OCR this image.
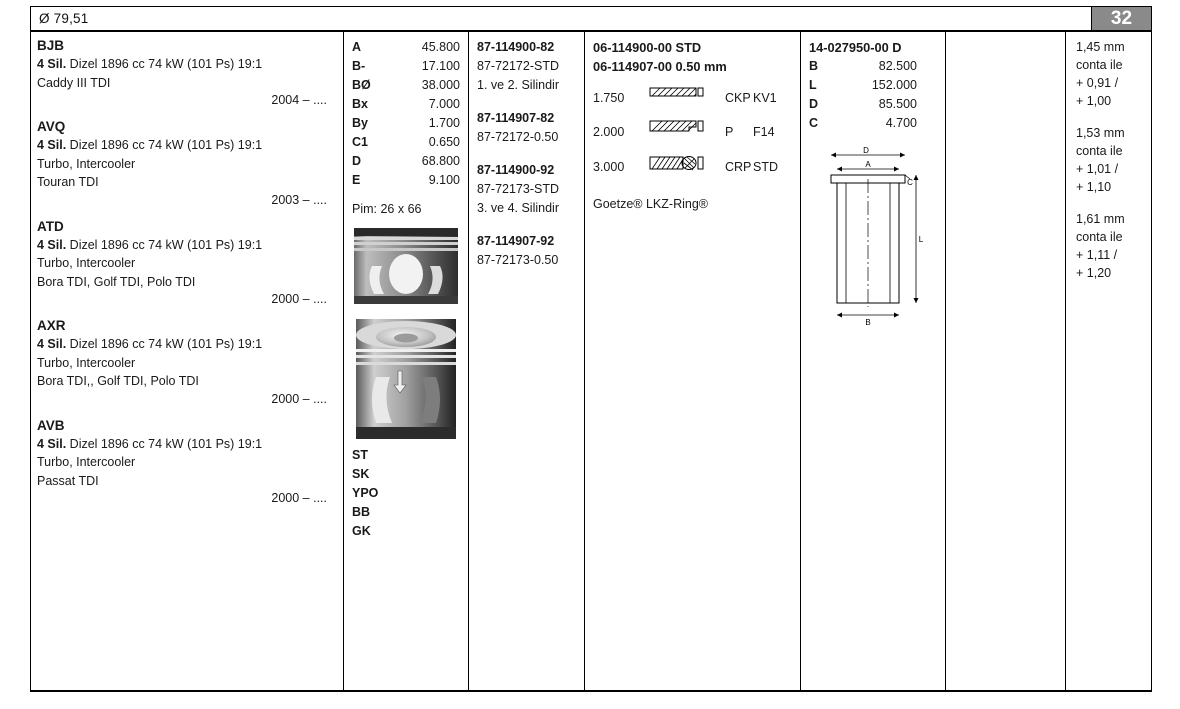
Ø 79,51	32
BJB
4 Sil. Dizel 1896 cc 74 kW (101 Ps) 19:1
Caddy III TDI
2004 – ....
AVQ
4 Sil. Dizel 1896 cc 74 kW (101 Ps) 19:1
Turbo, Intercooler
Touran TDI
2003 – ....
ATD
4 Sil. Dizel 1896 cc 74 kW (101 Ps) 19:1
Turbo, Intercooler
Bora TDI, Golf TDI, Polo TDI
2000 – ....
AXR
4 Sil. Dizel 1896 cc 74 kW (101 Ps) 19:1
Turbo, Intercooler
Bora TDI,, Golf TDI, Polo TDI
2000 – ....
AVB
4 Sil. Dizel 1896 cc 74 kW (101 Ps) 19:1
Turbo, Intercooler
Passat TDI
2000 – ....
A	45.800
B-	17.100
BØ	38.000
Bx	7.000
By	1.700
C1	0.650
D	68.800
E	9.100
Pim: 26 x 66
ST
SK
YPO
BB
GK
87-114900-82
87-72172-STD
1. ve 2. Silindir
87-114907-82
87-72172-0.50
87-114900-92
87-72173-STD
3. ve 4. Silindir
87-114907-92
87-72173-0.50
06-114900-00 STD
06-114907-00 0.50 mm
1.750	CKP KV1
2.000	P	F14
3.000	CRP STD
Goetze® LKZ-Ring®
14-027950-00 D
B	82.500
L	152.000
D	85.500
C	4.700
D
A
C
L
B
1,45 mm
conta ile
+ 0,91 /
+ 1,00
1,53 mm
conta ile
+ 1,01 /
+ 1,10
1,61 mm
conta ile
+ 1,11 /
+ 1,20
